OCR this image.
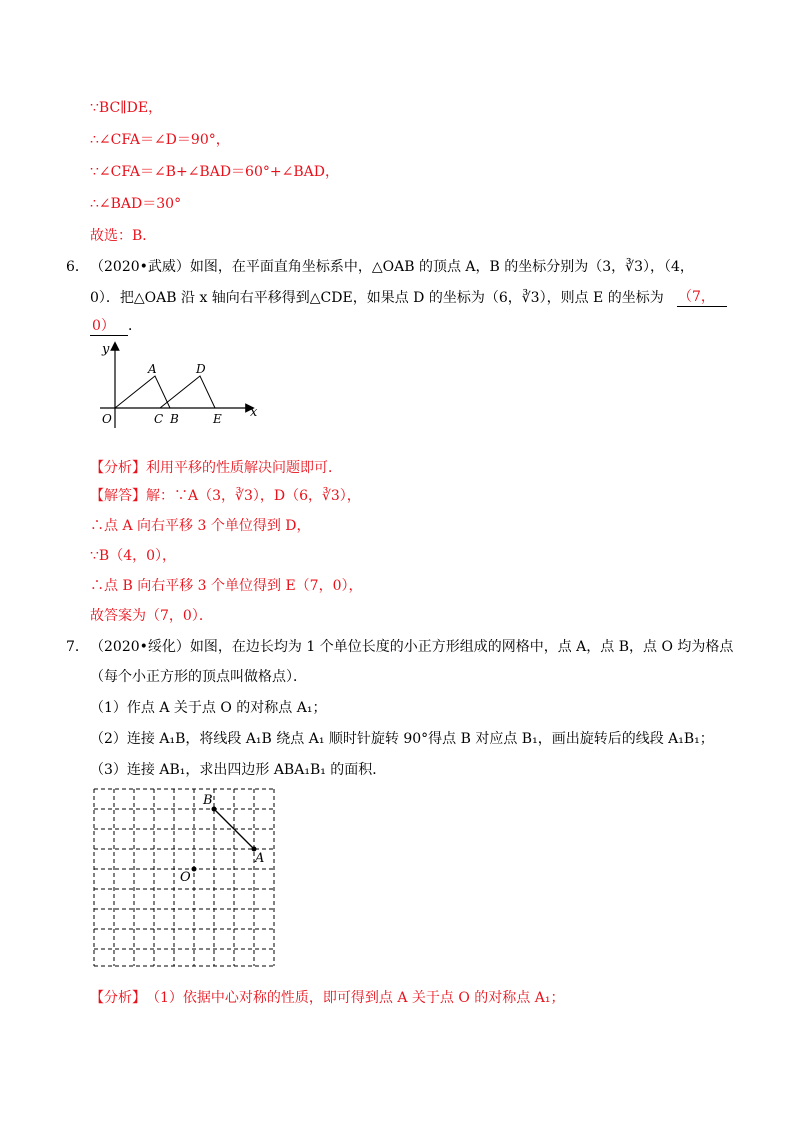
∵BC∥DE，
∴∠CFA＝∠D＝90°，
∵∠CFA＝∠B+∠BAD＝60°+∠BAD，
∴∠BAD＝30°
故选：B．
6． （2020•武威）如图，在平面直角坐标系中，△OAB 的顶点 A，B 的坐标分别为（3，∛3），（4，
0）．把△OAB 沿 x 轴向右平移得到△CDE，如果点 D 的坐标为（6，∛3），则点 E 的坐标为 （7，
0） ．
y
x
A	D
O	C B	E
【分析】 利用平移的性质解决问题即可．
【解答】 解：∵A（3，∛3），D（6，∛3），
∴点 A 向右平移 3 个单位得到 D，
∵B（4，0），
∴点 B 向右平移 3 个单位得到 E（7，0），
故答案为（7，0）．
7． （2020•绥化）如图，在边长均为 1 个单位长度的小正方形组成的网格中，点 A，点 B，点 O 均为格点
（每个小正方形的顶点叫做格点）．
（1）作点 A 关于点 O 的对称点 A₁；
（2）连接 A₁B，将线段 A₁B 绕点 A₁ 顺时针旋转 90°得点 B 对应点 B₁，画出旋转后的线段 A₁B₁；
（3）连接 AB₁，求出四边形 ABA₁B₁ 的面积．
B
A
O
【分析】 （1）依据中心对称的性质，即可得到点 A 关于点 O 的对称点 A₁；
